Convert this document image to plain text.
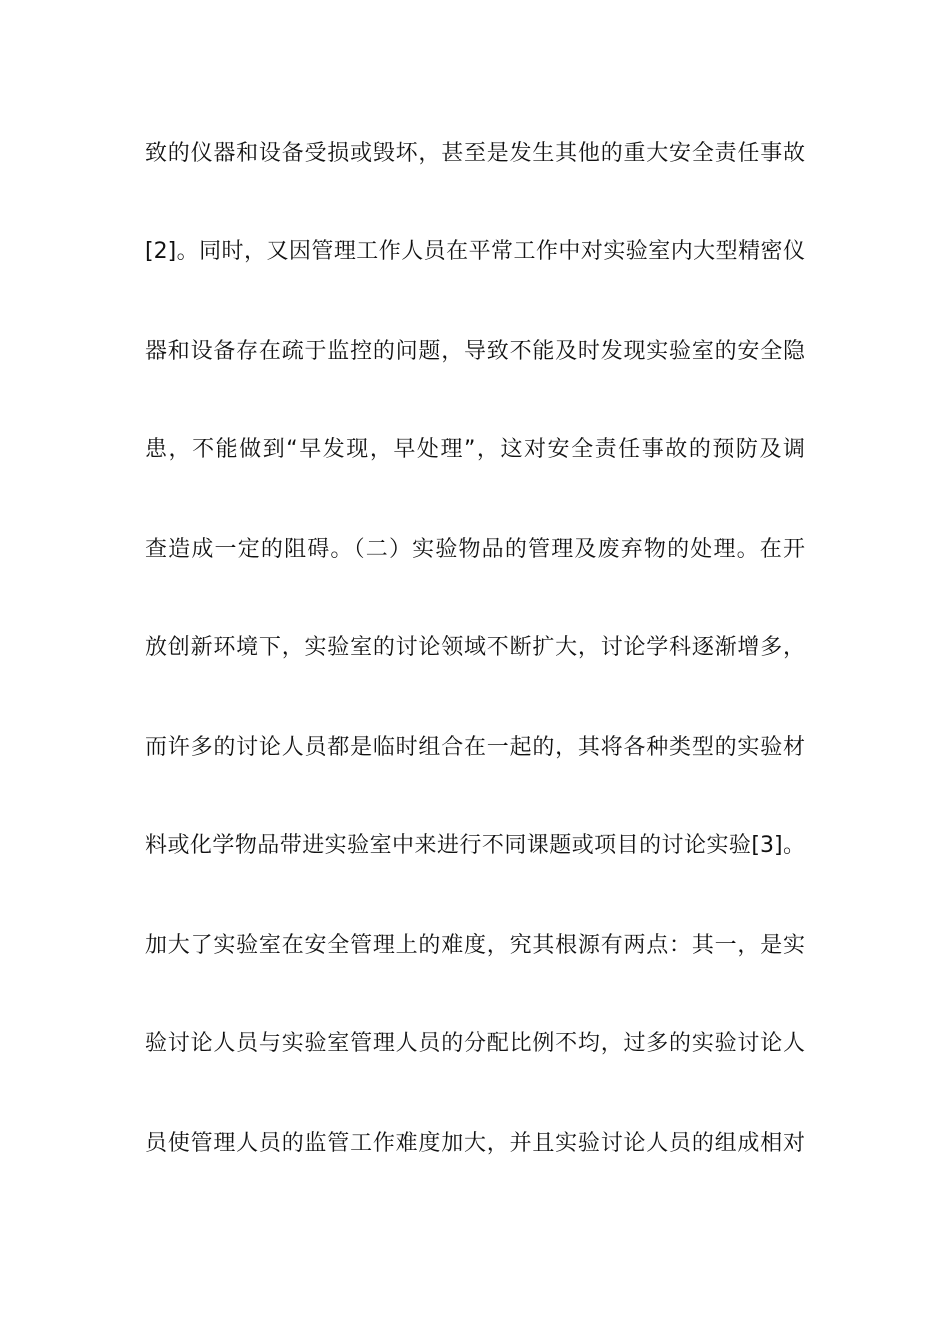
致的仪器和设备受损或毁坏，甚至是发生其他的重大安全责任事故
[2]。同时，又因管理工作人员在平常工作中对实验室内大型精密仪
器和设备存在疏于监控的问题，导致不能及时发现实验室的安全隐
患，不能做到“早发现，早处理”，这对安全责任事故的预防及调
查造成一定的阻碍。（二）实验物品的管理及废弃物的处理。在开
放创新环境下，实验室的讨论领域不断扩大，讨论学科逐渐增多，
而许多的讨论人员都是临时组合在一起的，其将各种类型的实验材
料或化学物品带进实验室中来进行不同课题或项目的讨论实验[3]。
加大了实验室在安全管理上的难度，究其根源有两点：其一，是实
验讨论人员与实验室管理人员的分配比例不均，过多的实验讨论人
员使管理人员的监管工作难度加大，并且实验讨论人员的组成相对
